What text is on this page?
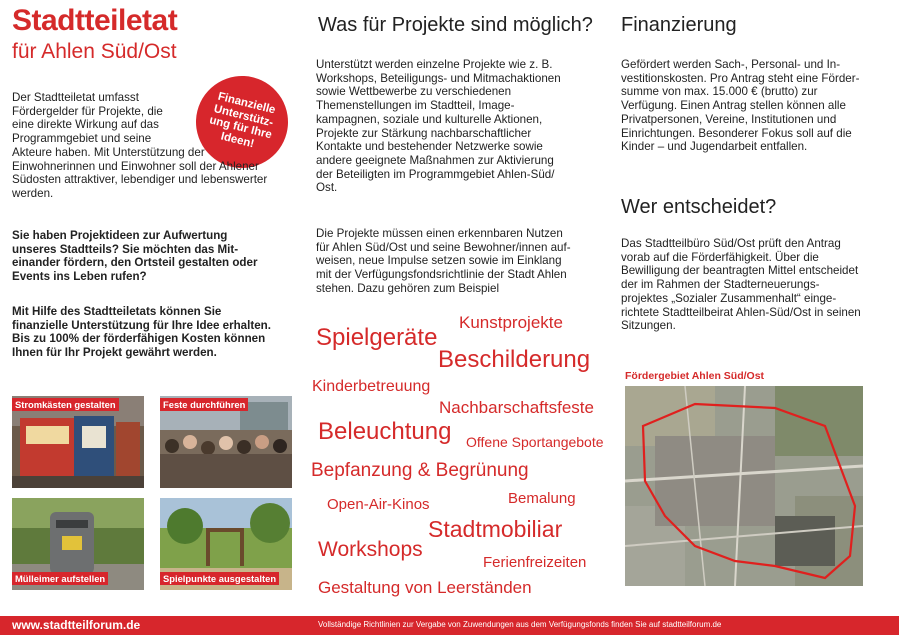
Stadtteiletat
für Ahlen Süd/Ost
Finanzielle Unterstütz-ung für Ihre Ideen!
Der Stadtteiletat umfasst
Fördergelder für Projekte, die
eine direkte Wirkung auf das
Programmgebiet und seine
Akteure haben. Mit Unterstützung der
Einwohnerinnen und Einwohner soll der Ahlener
Südosten attraktiver, lebendiger und lebenswerter
werden.
Sie haben Projektideen zur Aufwertung
unseres Stadtteils? Sie möchten das Mit-
einander fördern, den Ortsteil gestalten oder
Events ins Leben rufen?
Mit Hilfe des Stadtteiletats können Sie
finanzielle Unterstützung für Ihre Idee erhalten.
Bis zu 100% der förderfähigen Kosten können
Ihnen für Ihr Projekt gewährt werden.
Stromkästen gestalten	Feste durchführen
Mülleimer aufstellen	Spielpunkte ausgestalten
Was für Projekte sind möglich?
Unterstützt werden einzelne Projekte wie z. B.
Workshops, Beteiligungs- und Mitmachaktionen
sowie Wettbewerbe zu verschiedenen
Themenstellungen im Stadtteil, Image-
kampagnen, soziale und kulturelle Aktionen,
Projekte zur Stärkung nachbarschaftlicher
Kontakte und bestehender Netzwerke sowie
andere geeignete Maßnahmen zur Aktivierung
der Beteiligten im Programmgebiet Ahlen-Süd/
Ost.
Die Projekte müssen einen erkennbaren Nutzen
für Ahlen Süd/Ost und seine Bewohner/innen auf-
weisen, neue Impulse setzen sowie im Einklang
mit der Verfügungsfondsrichtlinie der Stadt Ahlen
stehen. Dazu gehören zum Beispiel
Kunstprojekte
Spielgeräte
Beschilderung
Kinderbetreuung
Nachbarschaftsfeste
Beleuchtung Offene Sportangebote
Bepfanzung & Begrünung
Open-Air-Kinos	Bemalung
Stadtmobiliar
Workshops
Ferienfreizeiten
Gestaltung von Leerständen
Finanzierung
Gefördert werden Sach-, Personal- und In-
vestitionskosten. Pro Antrag steht eine Förder-
summe von max. 15.000 € (brutto) zur
Verfügung. Einen Antrag stellen können alle
Privatpersonen, Vereine, Institutionen und
Einrichtungen. Besonderer Fokus soll auf die
Kinder – und Jugendarbeit entfallen.
Wer entscheidet?
Das Stadtteilbüro Süd/Ost prüft den Antrag
vorab auf die Förderfähigkeit. Über die
Bewilligung der beantragten Mittel entscheidet
der im Rahmen der Stadterneuerungs-
projektes „Sozialer Zusammenhalt“ einge-
richtete Stadtteilbeirat Ahlen-Süd/Ost in seinen
Sitzungen.
Fördergebiet Ahlen Süd/Ost
www.stadtteilforum.de	Vollständige Richtlinien zur Vergabe von Zuwendungen aus dem Verfügungsfonds finden Sie auf stadtteilforum.de
